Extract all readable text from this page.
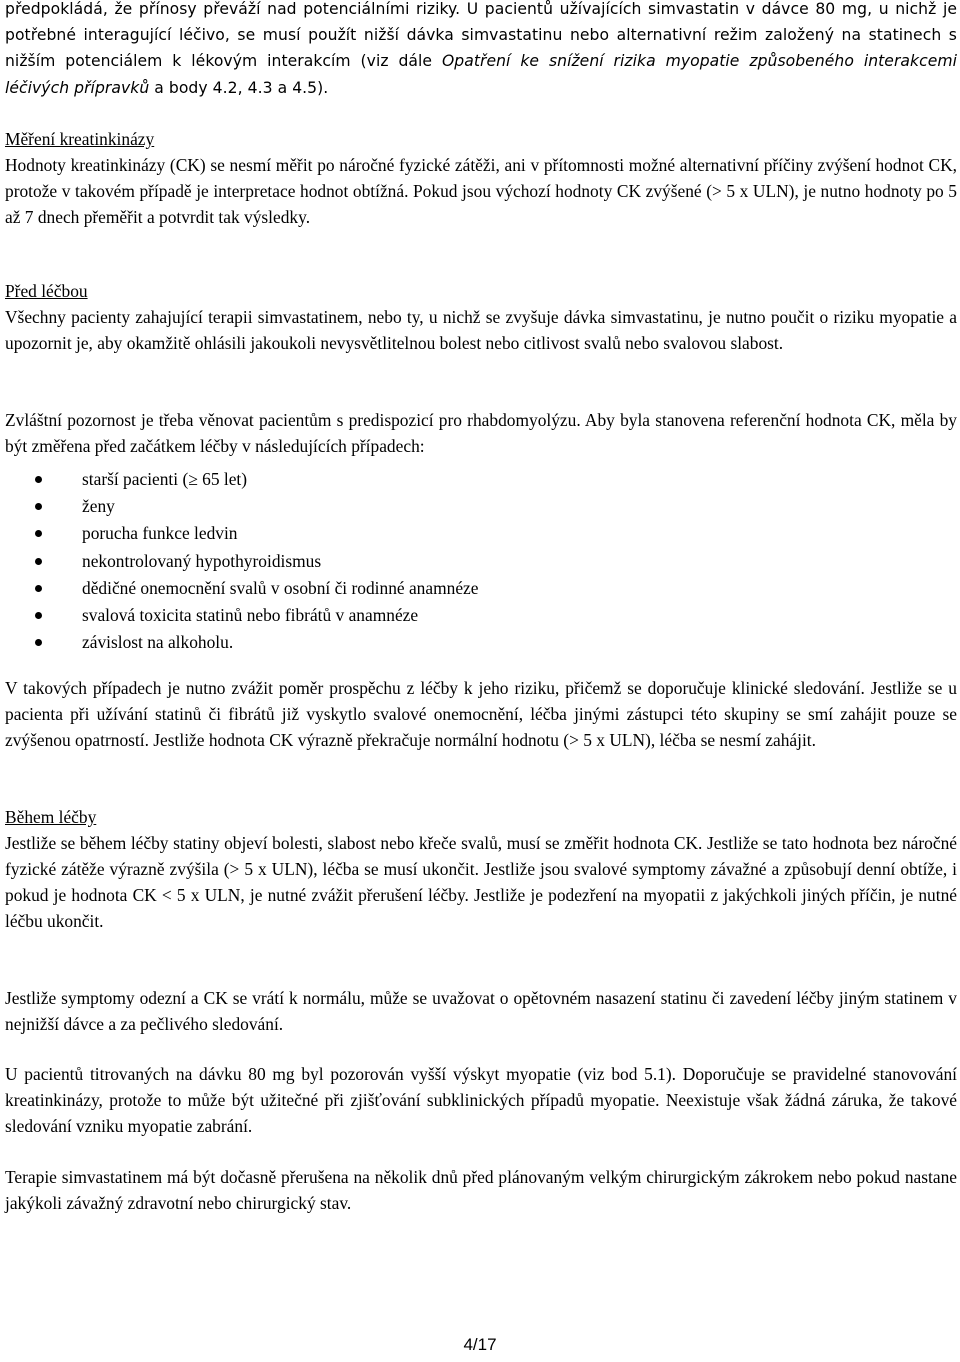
předpokládá, že přínosy převáží nad potenciálními riziky. U pacientů užívajících simvastatin v dávce 80 mg, u nichž je potřebné interagující léčivo, se musí použít nižší dávka simvastatinu nebo alternativní režim založený na statinech s nižším potenciálem k lékovým interakcím (viz dále Opatření ke snížení rizika myopatie způsobeného interakcemi léčivých přípravků a body 4.2, 4.3 a 4.5).

Měření kreatinkinázy

Hodnoty kreatinkinázy (CK) se nesmí měřit po náročné fyzické zátěži, ani v přítomnosti možné alternativní příčiny zvýšení hodnot CK, protože v takovém případě je interpretace hodnot obtížná. Pokud jsou výchozí hodnoty CK zvýšené (> 5 x ULN), je nutno hodnoty po 5 až 7 dnech přeměřit a potvrdit tak výsledky.

Před léčbou

Všechny pacienty zahajující terapii simvastatinem, nebo ty, u nichž se zvyšuje dávka simvastatinu, je nutno poučit o riziku myopatie a upozornit je, aby okamžitě ohlásili jakoukoli nevysvětlitelnou bolest nebo citlivost svalů nebo svalovou slabost.

Zvláštní pozornost je třeba věnovat pacientům s predispozicí pro rhabdomyolýzu. Aby byla stanovena referenční hodnota CK, měla by být změřena před začátkem léčby v následujících případech:

starší pacienti (≥ 65 let)
ženy
porucha funkce ledvin
nekontrolovaný hypothyroidismus
dědičné onemocnění svalů v osobní či rodinné anamnéze
svalová toxicita statinů nebo fibrátů v anamnéze
závislost na alkoholu.

V takových případech je nutno zvážit poměr prospěchu z léčby k jeho riziku, přičemž se doporučuje klinické sledování. Jestliže se u pacienta při užívání statinů či fibrátů již vyskytlo svalové onemocnění, léčba jinými zástupci této skupiny se smí zahájit pouze se zvýšenou opatrností. Jestliže hodnota CK výrazně překračuje normální hodnotu (> 5 x ULN), léčba se nesmí zahájit.

Během léčby

Jestliže se během léčby statiny objeví bolesti, slabost nebo křeče svalů, musí se změřit hodnota CK. Jestliže se tato hodnota bez náročné fyzické zátěže výrazně zvýšila (> 5 x ULN), léčba se musí ukončit. Jestliže jsou svalové symptomy závažné a způsobují denní obtíže, i pokud je hodnota CK < 5 x ULN, je nutné zvážit přerušení léčby. Jestliže je podezření na myopatii z jakýchkoli jiných příčin, je nutné léčbu ukončit.

Jestliže symptomy odezní a CK se vrátí k normálu, může se uvažovat o opětovném nasazení statinu či zavedení léčby jiným statinem v nejnižší dávce a za pečlivého sledování.

U pacientů titrovaných na dávku 80 mg byl pozorován vyšší výskyt myopatie (viz bod 5.1). Doporučuje se pravidelné stanovování kreatinkinázy, protože to může být užitečné při zjišťování subklinických případů myopatie. Neexistuje však žádná záruka, že takové sledování vzniku myopatie zabrání.

Terapie simvastatinem má být dočasně přerušena na několik dnů před plánovaným velkým chirurgickým zákrokem nebo pokud nastane jakýkoli závažný zdravotní nebo chirurgický stav.

4/17
